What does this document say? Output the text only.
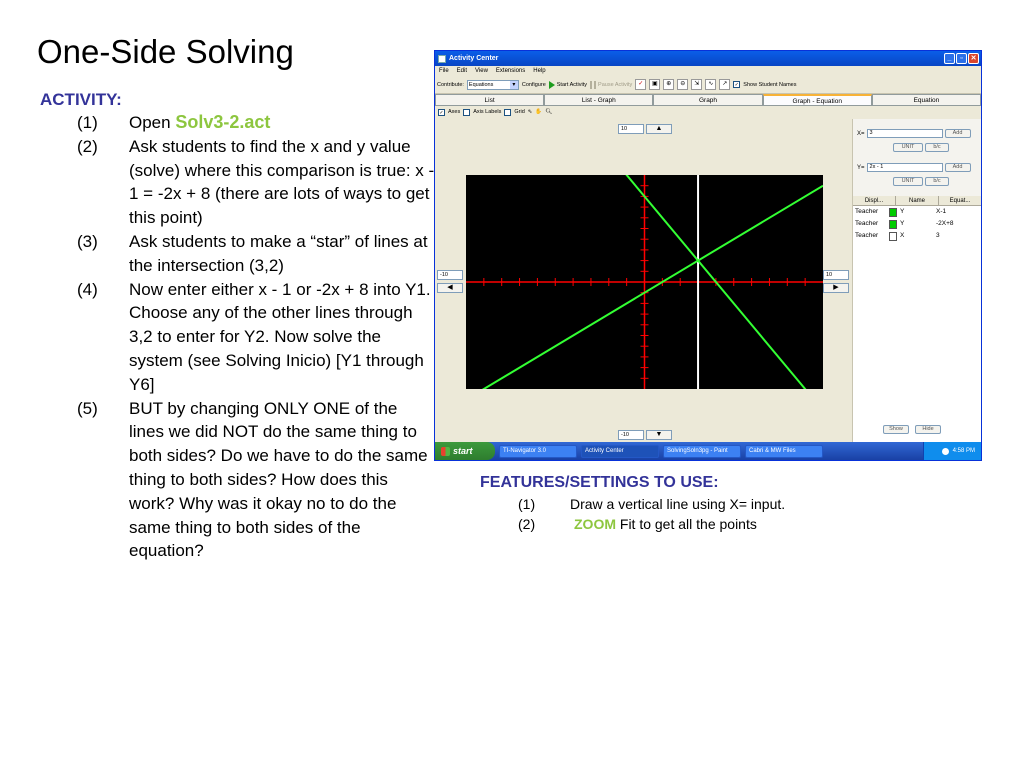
One-Side Solving
ACTIVITY:
(1)	Open Solv3-2.act
(2)	Ask students to find the x and y value (solve) where this comparison is true: x - 1 = -2x + 8 (there are lots of ways to get this point)
(3)	Ask students to make a “star” of lines at the intersection (3,2)
(4)	Now enter either x - 1 or -2x + 8 into Y1. Choose any of the other lines through 3,2 to enter for Y2. Now solve the system (see Solving Inicio) [Y1 through Y6]
(5)	BUT by changing ONLY ONE of the lines we did NOT do the same thing to both sides? Do we have to do the same thing to both sides? How does this work? Why was it okay no to do the same thing to both sides of the equation?
FEATURES/SETTINGS TO USE:
(1)	Draw a vertical line using X= input.
(2)	ZOOM Fit to get all the points
Activity Center	_	▫	✕
File Edit View Extensions Help
Contribute: Equations ▾	Configure Start Activity Pause Activity ✓	▣	⊕	⊖	⇲	∿	↗	✓ Show Student Names
List	List - Graph	Graph	Graph - Equation	Equation
✓ Axes Axis Labels Grid ⇖ ✋ 🔍︎
10	▲
-10
◀
10
▶
-10	▼
X= 3	Add
UNIT	b/c
Y= 2x - 1	Add
UNIT	b/c
Displ...	Name	Equat...
Teacher	Y	X-1
Teacher	Y	-2X+8
Teacher	X	3
Show	Hide
start	TI-Navigator 3.0	Activity Center	SolvingSoln3pg - Paint	Cabri & MW Files	4:58 PM
